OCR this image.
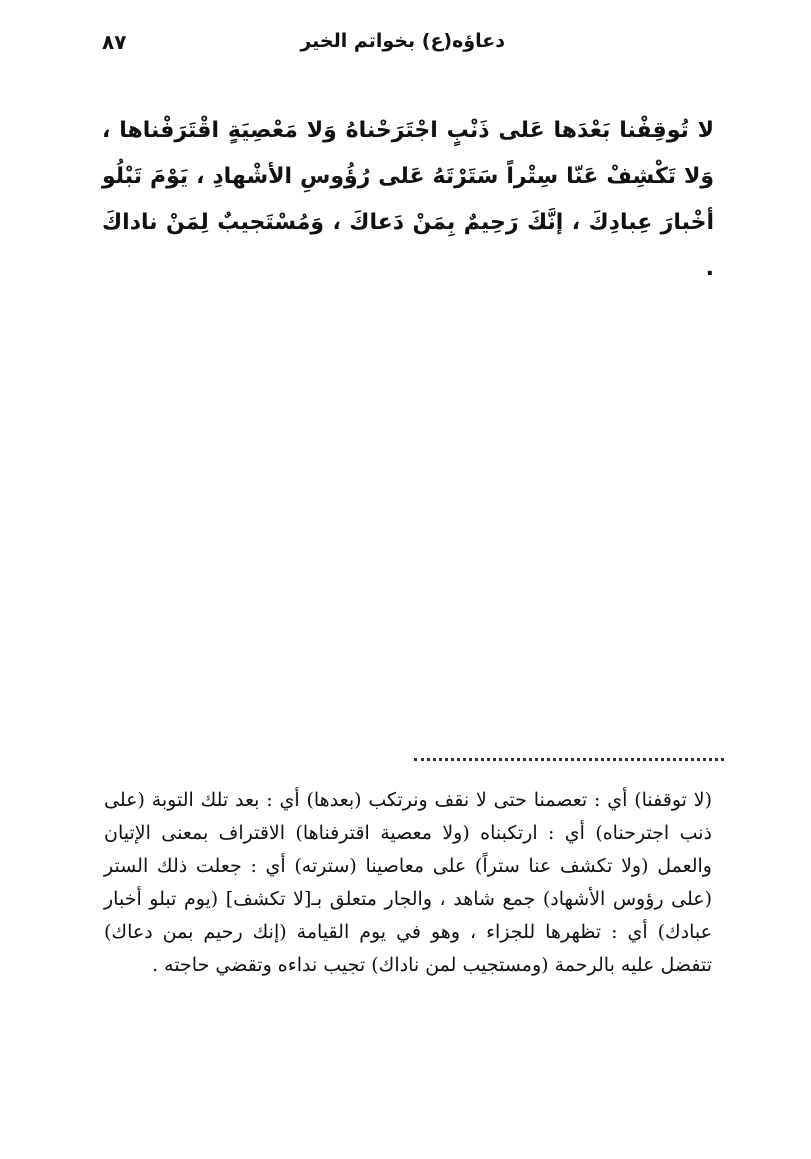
دعاؤه(ع) بخواتم الخير
٨٧

لا تُوقِفْنا بَعْدَها عَلى ذَنْبٍ اجْتَرَحْناهُ وَلا مَعْصِيَةٍ اقْتَرَفْناها ، وَلا تَكْشِفْ عَنّا سِتْراً سَتَرْتَهُ عَلى رُؤُوسِ الأشْهادِ ، يَوْمَ تَبْلُو أخْبارَ عِبادِكَ ، إنَّكَ رَحِيمٌ بِمَنْ دَعاكَ ، وَمُسْتَجيبٌ لِمَنْ ناداكَ .

(لا توقفنا) أي : تعصمنا حتى لا نقف ونرتكب (بعدها) أي : بعد تلك التوبة (على ذنب اجترحناه) أي : ارتكبناه (ولا معصية اقترفناها) الاقتراف بمعنى الإتيان والعمل (ولا تكشف عنا ستراً) على معاصينا (سترته) أي : جعلت ذلك الستر (على رؤوس الأشهاد) جمع شاهد ، والجار متعلق بـ[لا تكشف] (يوم تبلو أخبار عبادك) أي : تظهرها للجزاء ، وهو في يوم القيامة (إنك رحيم بمن دعاك) تتفضل عليه بالرحمة (ومستجيب لمن ناداك) تجيب نداءه وتقضي حاجته .
